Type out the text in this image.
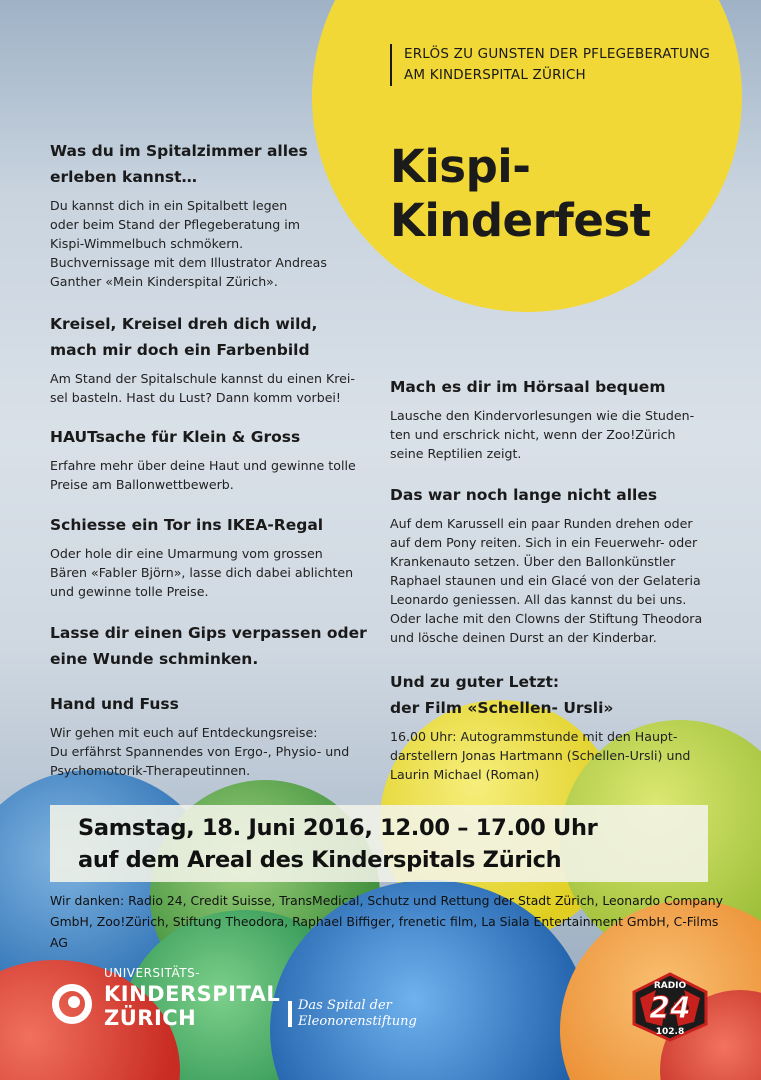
ERLÖS ZU GUNSTEN DER PFLEGEBERATUNG
AM KINDERSPITAL ZÜRICH
Kispi-
Kinderfest
Was du im Spitalzimmer alles
erleben kannst…

Du kannst dich in ein Spitalbett legen
oder beim Stand der Pflegeberatung im
Kispi-Wimmelbuch schmökern.
Buchvernissage mit dem Illustrator Andreas
Ganther «Mein Kinderspital Zürich».

Kreisel, Kreisel dreh dich wild,
mach mir doch ein Farbenbild

Am Stand der Spitalschule kannst du einen Krei-
sel basteln. Hast du Lust? Dann komm vorbei!

HAUTsache für Klein & Gross

Erfahre mehr über deine Haut und gewinne tolle
Preise am Ballonwettbewerb.

Schiesse ein Tor ins IKEA-Regal

Oder hole dir eine Umarmung vom grossen
Bären «Fabler Björn», lasse dich dabei ablichten
und gewinne tolle Preise.

Lasse dir einen Gips verpassen oder
eine Wunde schminken.
Hand und Fuss

Wir gehen mit euch auf Entdeckungsreise:
Du erfährst Spannendes von Ergo-, Physio- und
Psychomotorik-Therapeutinnen.

Mach es dir im Hörsaal bequem

Lausche den Kindervorlesungen wie die Studen-
ten und erschrick nicht, wenn der Zoo!Zürich
seine Reptilien zeigt.

Das war noch lange nicht alles

Auf dem Karussell ein paar Runden drehen oder
auf dem Pony reiten. Sich in ein Feuerwehr- oder
Krankenauto setzen. Über den Ballonkünstler
Raphael staunen und ein Glacé von der Gelateria
Leonardo geniessen. All das kannst du bei uns.
Oder lache mit den Clowns der Stiftung Theodora
und lösche deinen Durst an der Kinderbar.

Und zu guter Letzt:
der Film «Schellen- Ursli»

16.00 Uhr: Autogrammstunde mit den Haupt-
darstellern Jonas Hartmann (Schellen-Ursli) und
Laurin Michael (Roman)

Samstag, 18. Juni 2016, 12.00 – 17.00 Uhr
auf dem Areal des Kinderspitals Zürich
Wir danken: Radio 24, Credit Suisse, TransMedical, Schutz und Rettung der Stadt Zürich, Leonardo Company
GmbH, Zoo!Zürich, Stiftung Theodora, Raphael Biffiger, frenetic film, La Siala Entertainment GmbH, C-Films AG
UNIVERSITÄTS-
KINDERSPITAL
ZÜRICH
Das Spital der
Eleonorenstiftung
RADIO
24
102.8
